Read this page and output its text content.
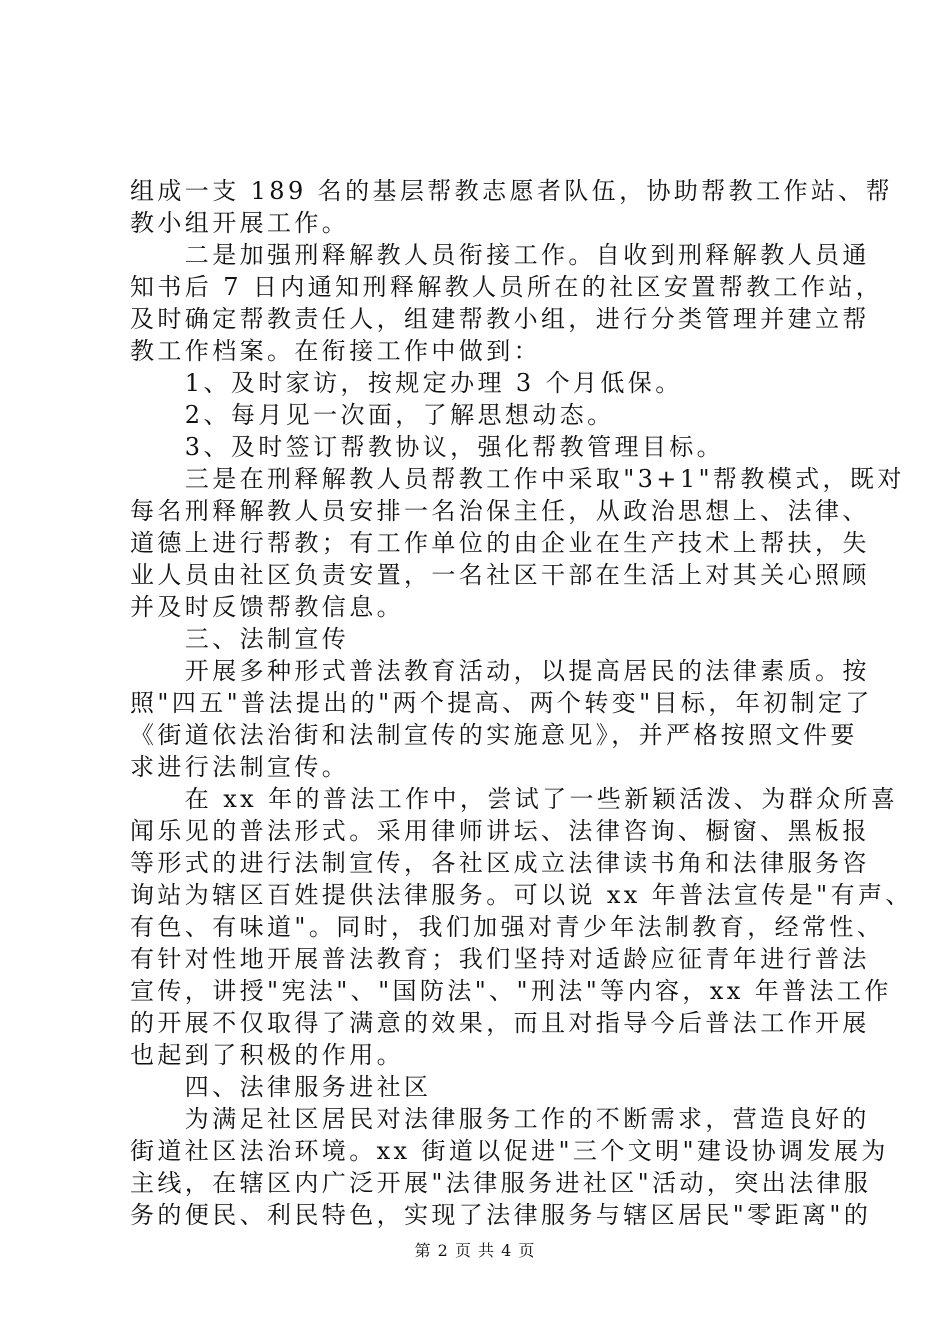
组成一支 189 名的基层帮教志愿者队伍，协助帮教工作站、帮
教小组开展工作。
　　二是加强刑释解教人员衔接工作。自收到刑释解教人员通
知书后 7 日内通知刑释解教人员所在的社区安置帮教工作站，
及时确定帮教责任人，组建帮教小组，进行分类管理并建立帮
教工作档案。在衔接工作中做到：
　　1、及时家访，按规定办理 3 个月低保。
　　2、每月见一次面，了解思想动态。
　　3、及时签订帮教协议，强化帮教管理目标。
　　三是在刑释解教人员帮教工作中采取"3+1"帮教模式，既对
每名刑释解教人员安排一名治保主任，从政治思想上、法律、
道德上进行帮教；有工作单位的由企业在生产技术上帮扶，失
业人员由社区负责安置，一名社区干部在生活上对其关心照顾
并及时反馈帮教信息。
　　三、法制宣传
　　开展多种形式普法教育活动，以提高居民的法律素质。按
照"四五"普法提出的"两个提高、两个转变"目标，年初制定了
《街道依法治街和法制宣传的实施意见》，并严格按照文件要
求进行法制宣传。
　　在 xx 年的普法工作中，尝试了一些新颖活泼、为群众所喜
闻乐见的普法形式。采用律师讲坛、法律咨询、橱窗、黑板报
等形式的进行法制宣传，各社区成立法律读书角和法律服务咨
询站为辖区百姓提供法律服务。可以说 xx 年普法宣传是"有声、
有色、有味道"。同时，我们加强对青少年法制教育，经常性、
有针对性地开展普法教育；我们坚持对适龄应征青年进行普法
宣传，讲授"宪法"、"国防法"、"刑法"等内容，xx 年普法工作
的开展不仅取得了满意的效果，而且对指导今后普法工作开展
也起到了积极的作用。
　　四、法律服务进社区
　　为满足社区居民对法律服务工作的不断需求，营造良好的
街道社区法治环境。xx 街道以促进"三个文明"建设协调发展为
主线，在辖区内广泛开展"法律服务进社区"活动，突出法律服
务的便民、利民特色，实现了法律服务与辖区居民"零距离"的
第 2 页 共 4 页
